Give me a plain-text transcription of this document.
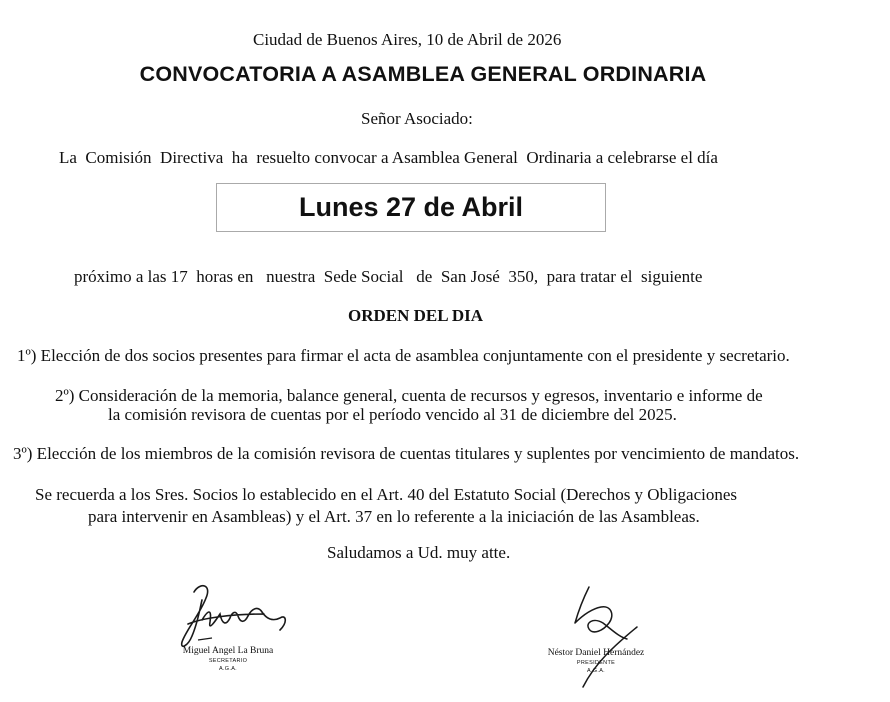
Ciudad de Buenos Aires, 10 de Abril de 2026
CONVOCATORIA A ASAMBLEA GENERAL ORDINARIA
Señor Asociado:
La  Comisión  Directiva  ha  resuelto convocar a Asamblea General  Ordinaria a celebrarse el día
Lunes 27 de Abril
próximo a las 17  horas en   nuestra  Sede Social   de  San José  350,  para tratar el  siguiente
ORDEN DEL DIA
1º) Elección de dos socios presentes para firmar el acta de asamblea conjuntamente con el presidente y secretario.
2º) Consideración de la memoria, balance general, cuenta de recursos y egresos, inventario e informe de
la comisión revisora de cuentas por el período vencido al 31 de diciembre del 2025.
3º) Elección de los miembros de la comisión revisora de cuentas titulares y suplentes por vencimiento de mandatos.
Se recuerda a los Sres. Socios lo establecido en el Art. 40 del Estatuto Social (Derechos y Obligaciones
para intervenir en Asambleas) y el Art. 37 en lo referente a la iniciación de las Asambleas.
Saludamos a Ud. muy atte.
Miguel Angel La Bruna
SECRETARIO
A.G.A.
Néstor Daniel Hernández
PRESIDENTE
A.G.A.
